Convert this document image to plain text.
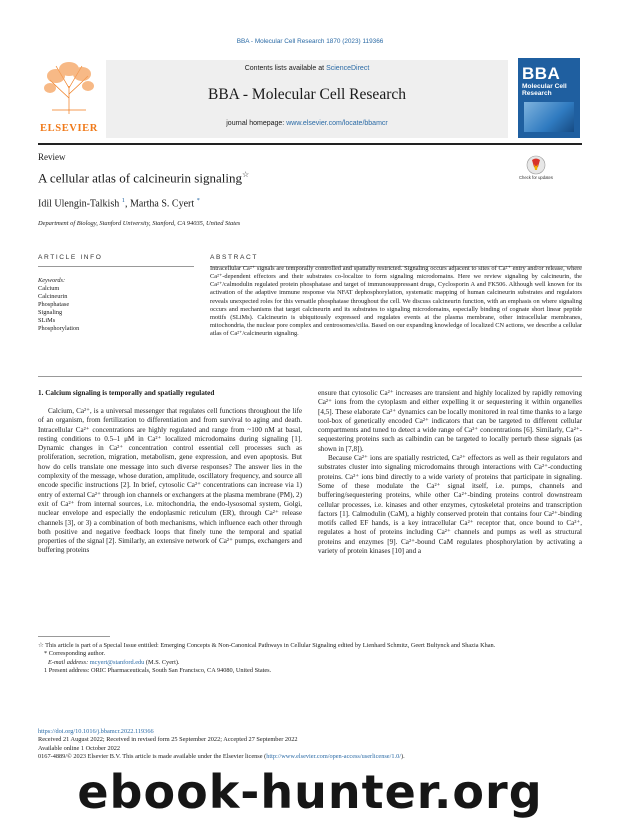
BBA - Molecular Cell Research 1870 (2023) 119366
ELSEVIER
Contents lists available at ScienceDirect
BBA - Molecular Cell Research
journal homepage: www.elsevier.com/locate/bbamcr
BBA
Molecular Cell Research
Review
A cellular atlas of calcineurin signaling☆	Check for updates
Idil Ulengin-Talkish $^1$, Martha S. Cyert *
Department of Biology, Stanford University, Stanford, CA 94035, United States
ARTICLE INFO	ABSTRACT
Keywords:
Calcium
Calcineurin
Phosphatase
Signaling
SLiMs
Phosphorylation
Intracellular Ca²⁺ signals are temporally controlled and spatially restricted. Signaling occurs adjacent to sites of Ca²⁺ entry and/or release, where Ca²⁺-dependent effectors and their substrates co-localize to form signaling microdomains. Here we review signaling by calcineurin, the Ca²⁺/calmodulin regulated protein phosphatase and target of immunosuppressant drugs, Cyclosporin A and FK506. Although well known for its activation of the adaptive immune response via NFAT dephosphorylation, systematic mapping of human calcineurin substrates and regulators reveals unexpected roles for this versatile phosphatase throughout the cell. We discuss calcineurin function, with an emphasis on where signaling occurs and mechanisms that target calcineurin and its substrates to signaling microdomains, especially binding of cognate short linear peptide motifs (SLiMs). Calcineurin is ubiquitously expressed and regulates events at the plasma membrane, other intracellular membranes, mitochondria, the nuclear pore complex and centrosomes/cilia. Based on our expanding knowledge of localized CN actions, we describe a cellular atlas of Ca²⁺/calcineurin signaling.
1. Calcium signaling is temporally and spatially regulated
Calcium, Ca²⁺, is a universal messenger that regulates cell functions throughout the life of an organism, from fertilization to differentiation and from survival to aging and death. Intracellular Ca²⁺ concentrations are highly regulated and range from ~100 nM at basal, resting conditions to 0.5–1 μM in Ca²⁺ localized microdomains during signaling [1]. Dynamic changes in Ca²⁺ concentration control essential cell processes such as proliferation, secretion, migration, metabolism, gene expression, and even apoptosis. But how do cells translate one message into such diverse responses? The answer lies in the complexity of the message, whose duration, amplitude, oscillatory frequency, and source all encode specific instructions [2]. In brief, cytosolic Ca²⁺ concentrations can increase via 1) entry of external Ca²⁺ through ion channels or exchangers at the plasma membrane (PM), 2) exit of Ca²⁺ from internal sources, i.e. mitochondria, the endo-lysosomal system, Golgi, nuclear envelope and especially the endoplasmic reticulum (ER), through Ca²⁺ release channels [3], or 3) a combination of both mechanisms, which influence each other through both positive and negative feedback loops that finely tune the temporal and spatial properties of the signal [2]. Similarly, an extensive network of Ca²⁺ pumps, exchangers and buffering proteins
ensure that cytosolic Ca²⁺ increases are transient and highly localized by rapidly removing Ca²⁺ ions from the cytoplasm and either expelling it or sequestering it within organelles [4,5]. These elaborate Ca²⁺ dynamics can be locally monitored in real time thanks to a large tool-box of genetically encoded Ca²⁺ indicators that can be targeted to different cellular compartments and tuned to detect a wide range of Ca²⁺ concentrations [6]. Similarly, Ca²⁺-sequestering proteins such as calbindin can be targeted to locally perturb these signals (as shown in [7,8]).
Because Ca²⁺ ions are spatially restricted, Ca²⁺ effectors as well as their regulators and substrates cluster into signaling microdomains through interactions with Ca²⁺-conducting proteins. Ca²⁺ ions bind directly to a wide variety of proteins that participate in signaling. Some of these modulate the Ca²⁺ signal itself, i.e. pumps, channels and buffering/sequestering proteins, while other Ca²⁺-binding proteins control downstream cellular processes, i.e. kinases and other enzymes, cytoskeletal proteins and transcription factors [1]. Calmodulin (CaM), a highly conserved protein that contains four Ca²⁺-binding motifs called EF hands, is a key intracellular Ca²⁺ receptor that, once bound to Ca²⁺, regulates a host of proteins including Ca²⁺ channels and pumps as well as structural proteins and enzymes [9]. Ca²⁺-bound CaM regulates phosphorylation by activating a variety of protein kinases [10] and a
☆ This article is part of a Special Issue entitled: Emerging Concepts & Non-Canonical Pathways in Cellular Signaling edited by Lienhard Schmitz, Geert Bultynck and Shazia Khan.
* Corresponding author.
E-mail address: mcyert@stanford.edu (M.S. Cyert).
1 Present address: ORIC Pharmaceuticals, South San Francisco, CA 94080, United States.
https://doi.org/10.1016/j.bbamcr.2022.119366
Received 21 August 2022; Received in revised form 25 September 2022; Accepted 27 September 2022
Available online 1 October 2022
0167-4889/© 2023 Elsevier B.V. This article is made available under the Elsevier license (http://www.elsevier.com/open-access/userlicense/1.0/).
ebook-hunter.org
